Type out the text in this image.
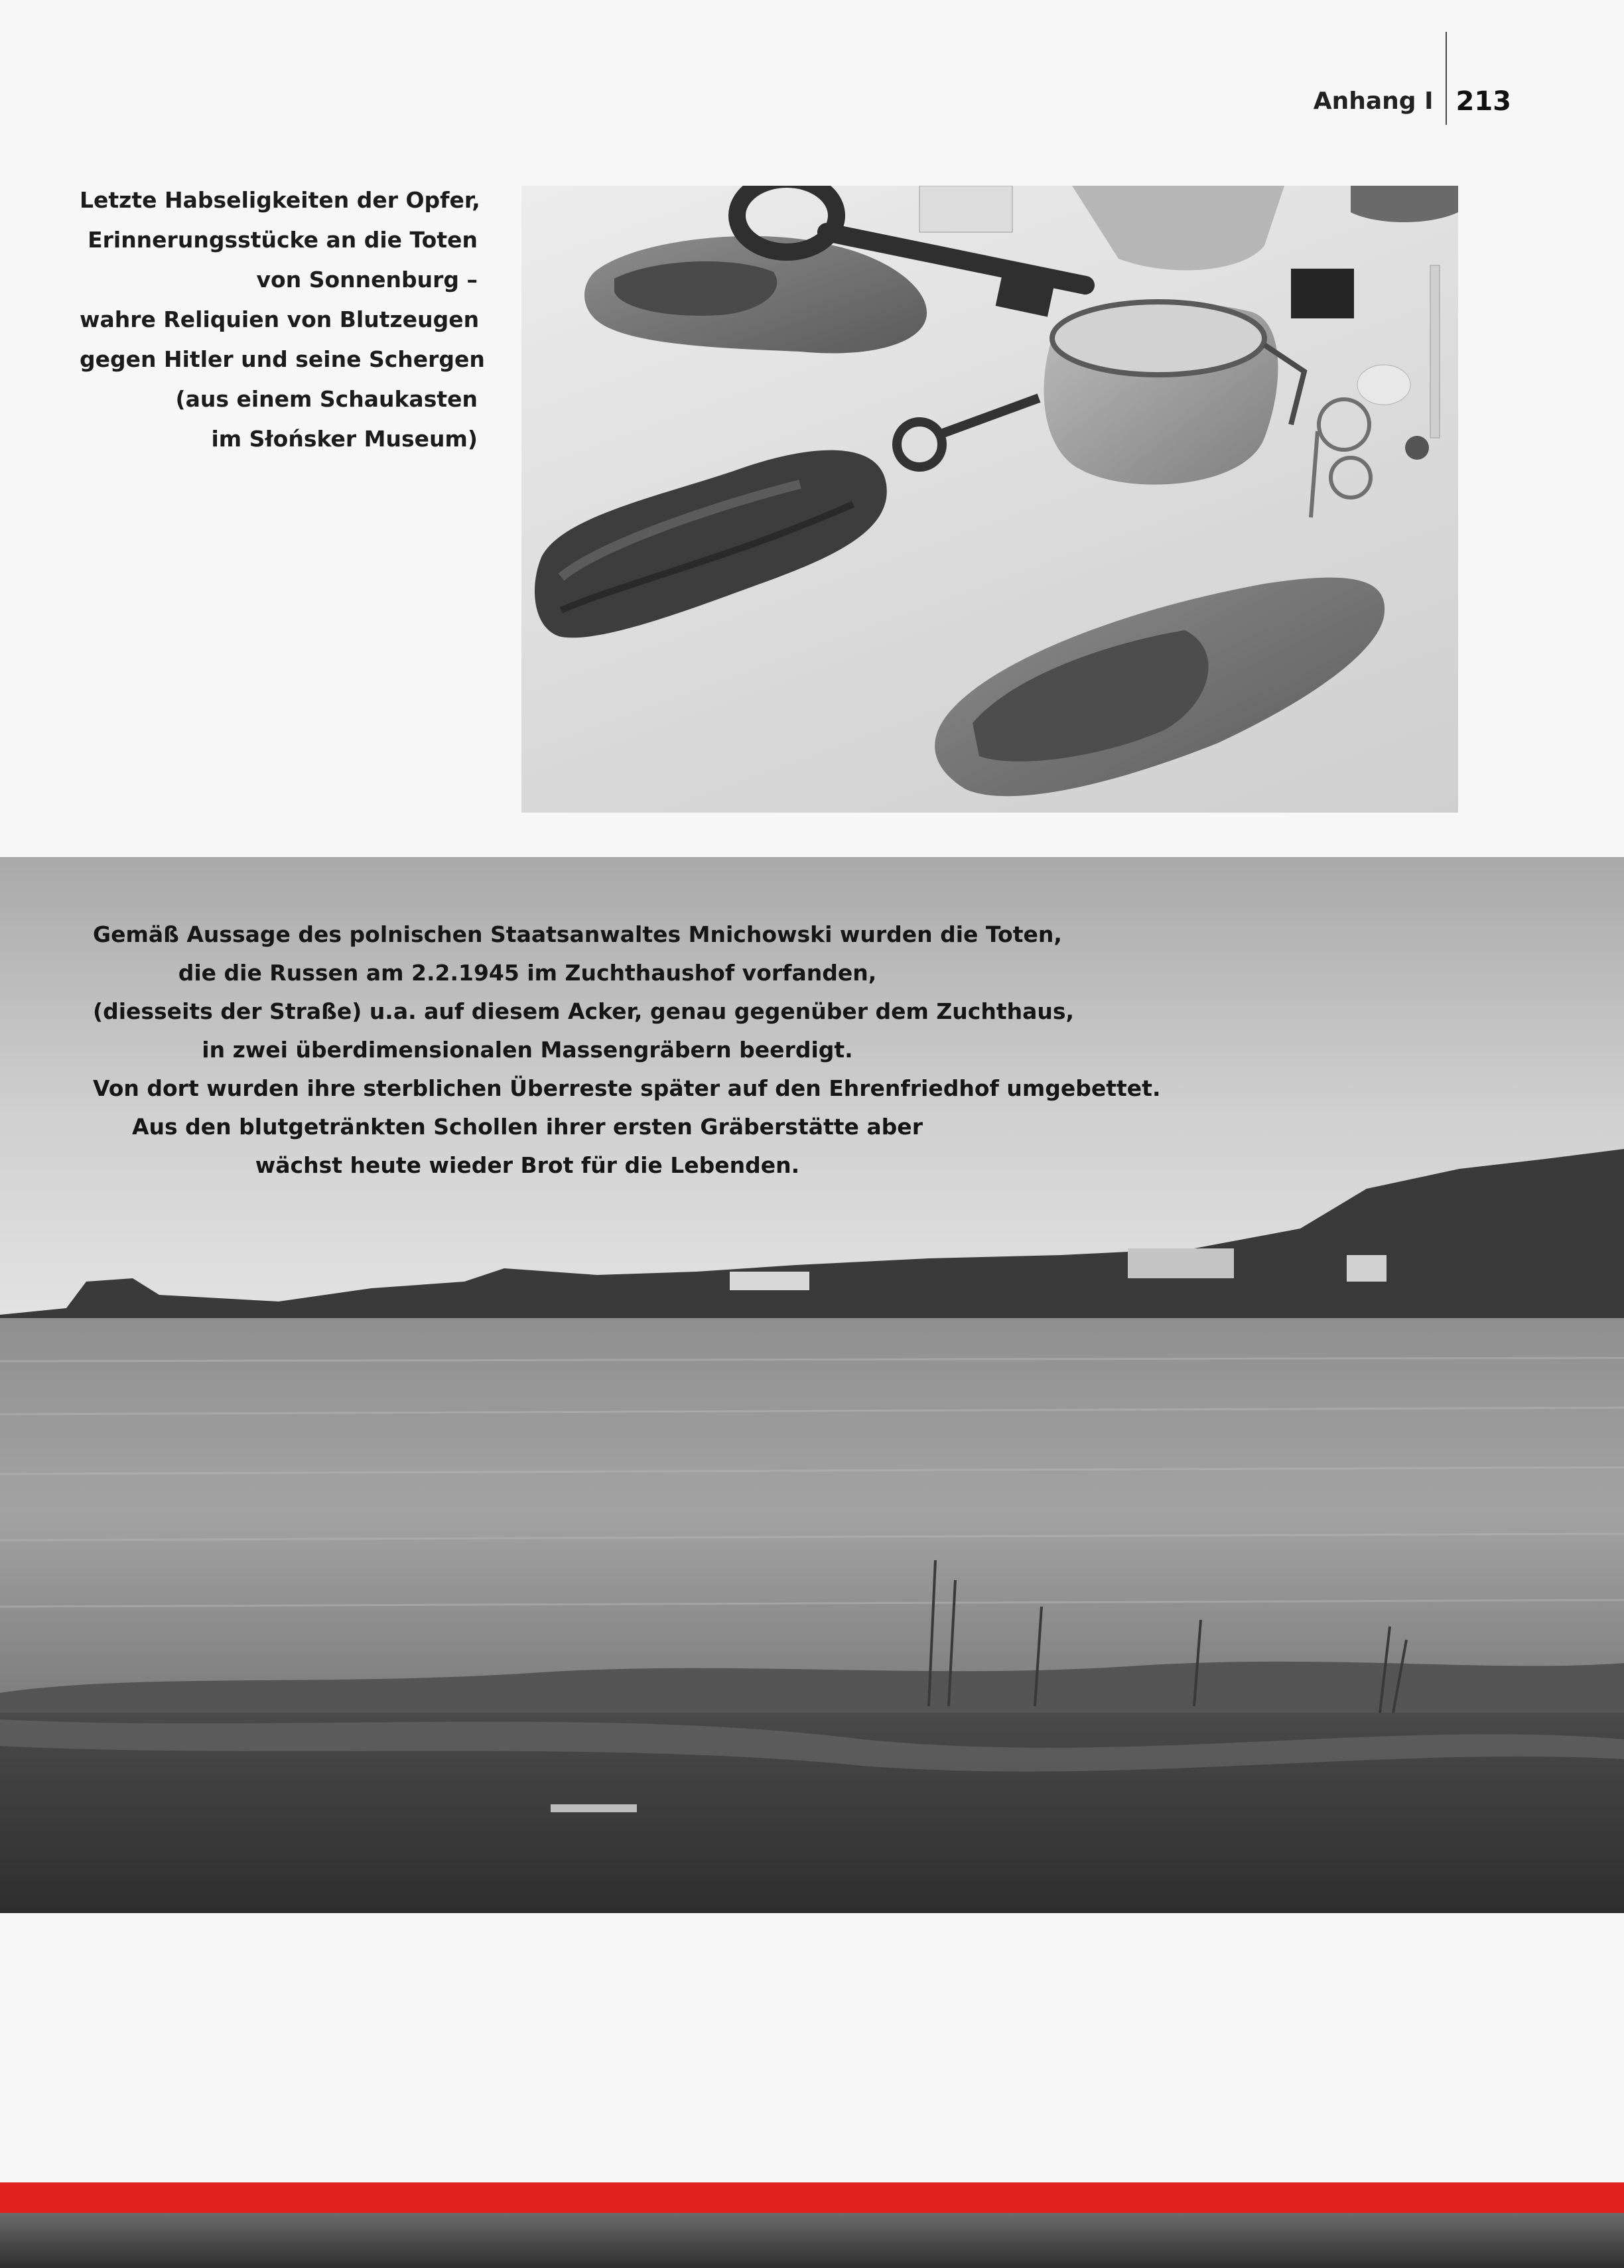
Anhang I 213
Letzte Habseligkeiten der Opfer,
Erinnerungsstücke an die Toten
von Sonnenburg –
wahre Reliquien von Blutzeugen
gegen Hitler und seine Schergen
(aus einem Schaukasten
im Słońsker Museum)
Gemäß Aussage des polnischen Staatsanwaltes Mnichowski wurden die Toten,
die die Russen am 2.2.1945 im Zuchthaushof vorfanden,
(diesseits der Straße) u.a. auf diesem Acker, genau gegenüber dem Zuchthaus,
in zwei überdimensionalen Massengräbern beerdigt.
Von dort wurden ihre sterblichen Überreste später auf den Ehrenfriedhof umgebettet.
Aus den blutgetränkten Schollen ihrer ersten Gräberstätte aber
wächst heute wieder Brot für die Lebenden.
